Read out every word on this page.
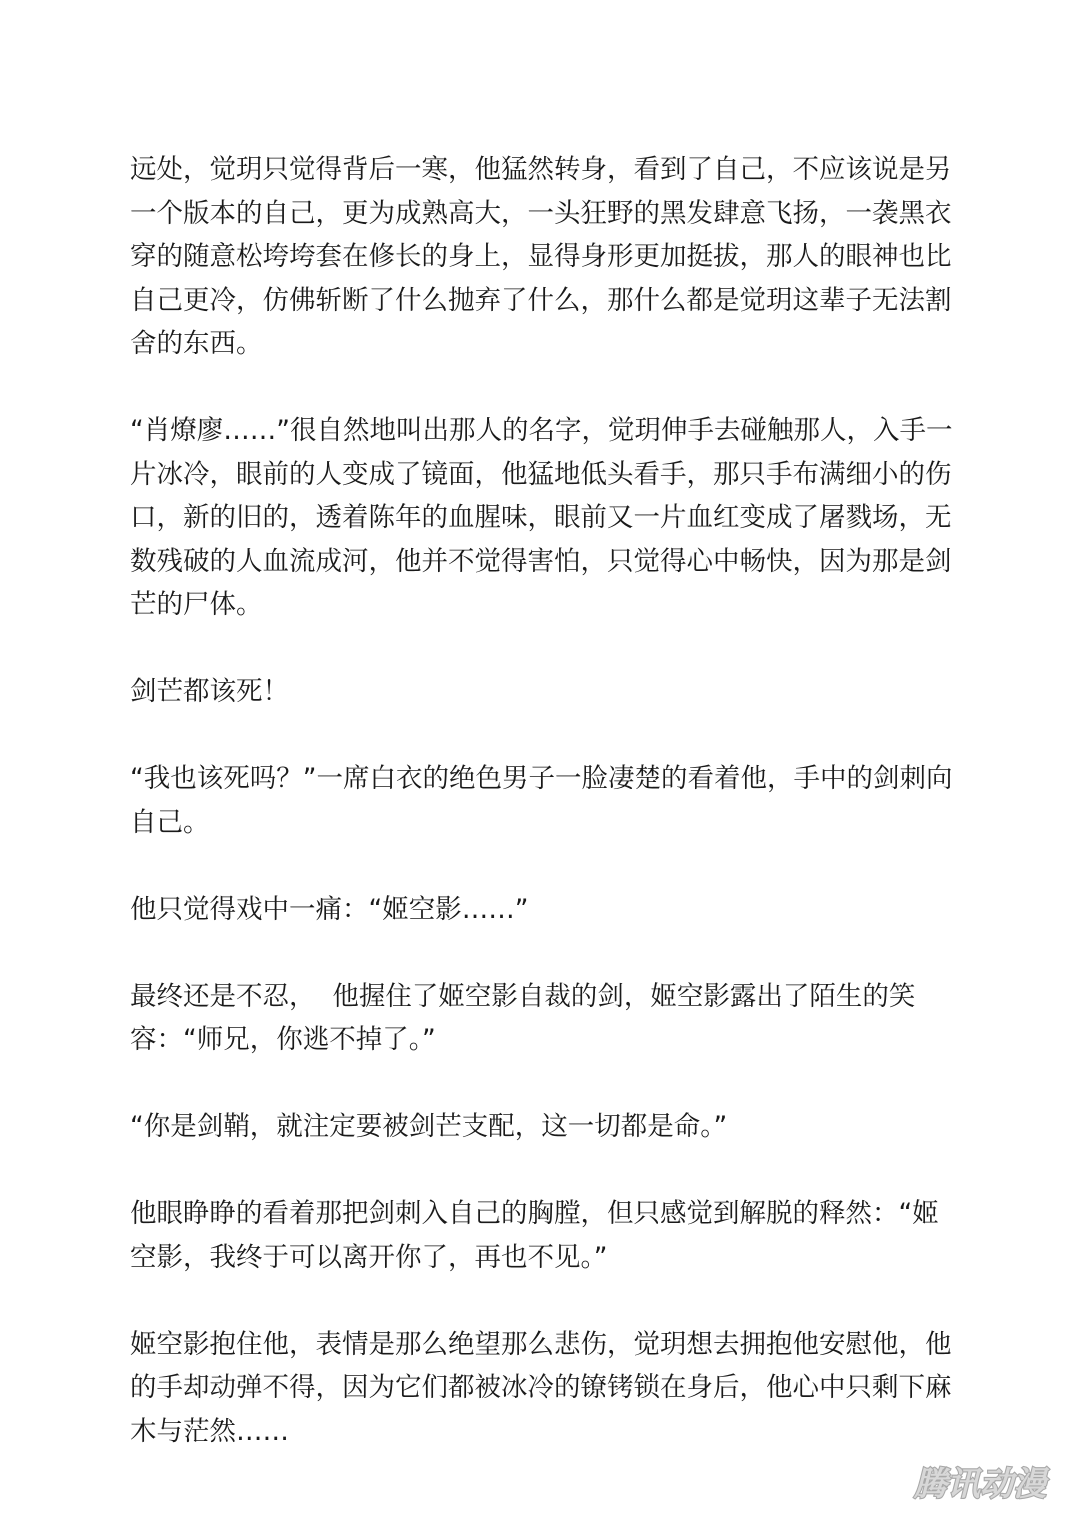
远处，觉玥只觉得背后一寒，他猛然转身，看到了自己，不应该说是另一个版本的自己，更为成熟高大，一头狂野的黑发肆意飞扬，一袭黑衣穿的随意松垮垮套在修长的身上，显得身形更加挺拔，那人的眼神也比自己更冷，仿佛斩断了什么抛弃了什么，那什么都是觉玥这辈子无法割舍的东西。

“肖燎廖……”很自然地叫出那人的名字，觉玥伸手去碰触那人，入手一片冰冷，眼前的人变成了镜面，他猛地低头看手，那只手布满细小的伤口，新的旧的，透着陈年的血腥味，眼前又一片血红变成了屠戮场，无数残破的人血流成河，他并不觉得害怕，只觉得心中畅快，因为那是剑芒的尸体。

剑芒都该死！

“我也该死吗？”一席白衣的绝色男子一脸凄楚的看着他，手中的剑刺向自己。

他只觉得戏中一痛：“姬空影……”

最终还是不忍，  他握住了姬空影自裁的剑，姬空影露出了陌生的笑容：“师兄，你逃不掉了。”

“你是剑鞘，就注定要被剑芒支配，这一切都是命。”

他眼睁睁的看着那把剑刺入自己的胸膛，但只感觉到解脱的释然：“姬空影，我终于可以离开你了，再也不见。”

姬空影抱住他，表情是那么绝望那么悲伤，觉玥想去拥抱他安慰他，他的手却动弹不得，因为它们都被冰冷的镣铐锁在身后，他心中只剩下麻木与茫然……

腾讯动漫
